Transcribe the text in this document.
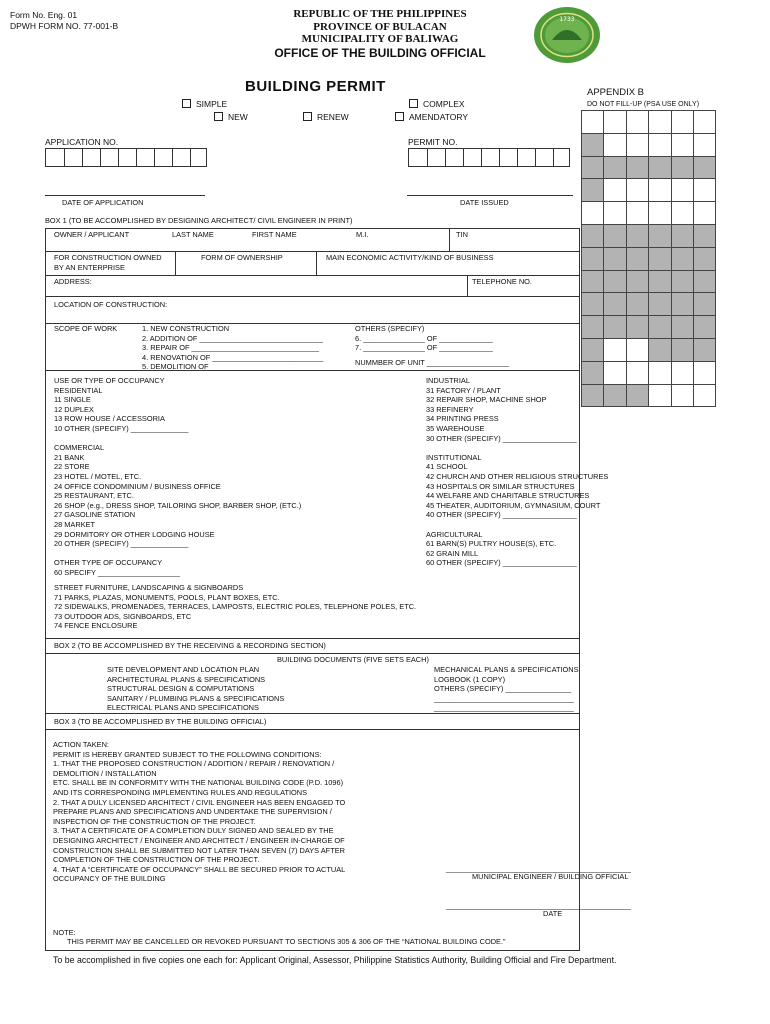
Form No. Eng. 01
DPWH FORM NO. 77-001-B
REPUBLIC OF THE PHILIPPINES
PROVINCE OF BULACAN
MUNICIPALITY OF BALIWAG
OFFICE OF THE BUILDING OFFICIAL
1733
BUILDING PERMIT
SIMPLE	COMPLEX
NEW	RENEW	AMENDATORY
APPENDIX B
DO NOT FILL-UP (PSA USE ONLY)

APPLICATION NO.	PERMIT NO.
DATE OF APPLICATION	DATE ISSUED
BOX 1 (TO BE ACCOMPLISHED BY DESIGNING ARCHITECT/ CIVIL ENGINEER IN PRINT)
OWNER / APPLICANT	LAST NAME	FIRST NAME	M.I.	TIN
FOR CONSTRUCTION OWNED
BY AN ENTERPRISE
FORM OF OWNERSHIP	MAIN ECONOMIC ACTIVITY/KIND OF BUSINESS
ADDRESS:	TELEPHONE NO.
LOCATION OF CONSTRUCTION:
SCOPE OF WORK	1. NEW CONSTRUCTION
2. ADDITION OF ______________________________
3. REPAIR OF _______________________________
4. RENOVATION OF ___________________________
5. DEMOLITION OF ___________________________
OTHERS (SPECIFY)
6. _______________ OF _____________
7. _______________ OF _____________
NUMMBER OF UNIT ____________________
USE OR TYPE OF OCCUPANCY
RESIDENTIAL
11 SINGLE
12 DUPLEX
13 ROW HOUSE / ACCESSORIA
10 OTHER (SPECIFY) ______________

COMMERCIAL
21 BANK
22 STORE
23 HOTEL / MOTEL, ETC.
24 OFFICE CONDOMINIUM / BUSINESS OFFICE
25 RESTAURANT, ETC.
26 SHOP (e.g., DRESS SHOP, TAILORING SHOP, BARBER SHOP, (ETC.)
27 GASOLINE STATION
28 MARKET
29 DORMITORY OR OTHER LODGING HOUSE
20 OTHER (SPECIFY) ______________

OTHER TYPE OF OCCUPANCY
60 SPECIFY ____________________
INDUSTRIAL
31 FACTORY / PLANT
32 REPAIR SHOP, MACHINE SHOP
33 REFINERY
34 PRINTING PRESS
35 WAREHOUSE
30 OTHER (SPECIFY) __________________

INSTITUTIONAL
41 SCHOOL
42 CHURCH AND OTHER RELIGIOUS STRUCTURES
43 HOSPITALS OR SIMILAR STRUCTURES
44 WELFARE AND CHARITABLE STRUCTURES
45 THEATER, AUDITORIUM, GYMNASIUM, COURT
40 OTHER (SPECIFY) __________________

AGRICULTURAL
61 BARN(S) PULTRY HOUSE(S), ETC.
62 GRAIN MILL
60 OTHER (SPECIFY) __________________
STREET FURNITURE, LANDSCAPING & SIGNBOARDS
71 PARKS, PLAZAS, MONUMENTS, POOLS, PLANT BOXES, ETC.
72 SIDEWALKS, PROMENADES, TERRACES, LAMPOSTS, ELECTRIC POLES, TELEPHONE POLES, ETC.
73 OUTDOOR ADS, SIGNBOARDS, ETC
74 FENCE ENCLOSURE
BOX 2 (TO BE ACCOMPLISHED BY THE RECEIVING & RECORDING SECTION)
BUILDING DOCUMENTS (FIVE SETS EACH)
SITE DEVELOPMENT AND LOCATION PLAN
ARCHITECTURAL PLANS & SPECIFICATIONS
STRUCTURAL DESIGN & COMPUTATIONS
SANITARY / PLUMBING PLANS & SPECIFICATIONS
ELECTRICAL PLANS AND SPECIFICATIONS
MECHANICAL PLANS & SPECIFICATIONS
LOGBOOK (1 COPY)
OTHERS (SPECIFY) ________________
__________________________________
__________________________________
BOX 3 (TO BE ACCOMPLISHED BY THE BUILDING OFFICIAL)
ACTION TAKEN:
PERMIT IS HEREBY GRANTED SUBJECT TO THE FOLLOWING CONDITIONS:
1. THAT THE PROPOSED CONSTRUCTION / ADDITION / REPAIR / RENOVATION /
DEMOLITION / INSTALLATION
ETC. SHALL BE IN CONFORMITY WITH THE NATIONAL BUILDING CODE (P.D. 1096)
AND ITS CORRESPONDING IMPLEMENTING RULES AND REGULATIONS
2. THAT A DULY LICENSED ARCHITECT / CIVIL ENGINEER HAS BEEN ENGAGED TO
PREPARE PLANS AND SPECIFICATIONS AND UNDERTAKE THE SUPERVISION /
INSPECTION OF THE CONSTRUCTION OF THE PROJECT.
3. THAT A CERTIFICATE OF A COMPLETION DULY SIGNED AND SEALED BY THE
DESIGNING ARCHITECT / ENGINEER AND ARCHITECT / ENGINEER IN-CHARGE OF
CONSTRUCTION SHALL BE SUBMITTED NOT LATER THAN SEVEN (7) DAYS AFTER
COMPLETION OF THE CONSTRUCTION OF THE PROJECT.
4. THAT A “CERTIFICATE OF OCCUPANCY” SHALL BE SECURED PRIOR TO ACTUAL
OCCUPANCY OF THE BUILDING
_____________________________________________
MUNICIPAL ENGINEER / BUILDING OFFICIAL
_____________________________________________
DATE
NOTE:
THIS PERMIT MAY BE CANCELLED OR REVOKED PURSUANT TO SECTIONS 305 & 306 OF THE “NATIONAL BUILDING CODE.”
To be accomplished in five copies one each for: Applicant Original, Assessor, Philippine Statistics Authority, Building Official and Fire Department.
